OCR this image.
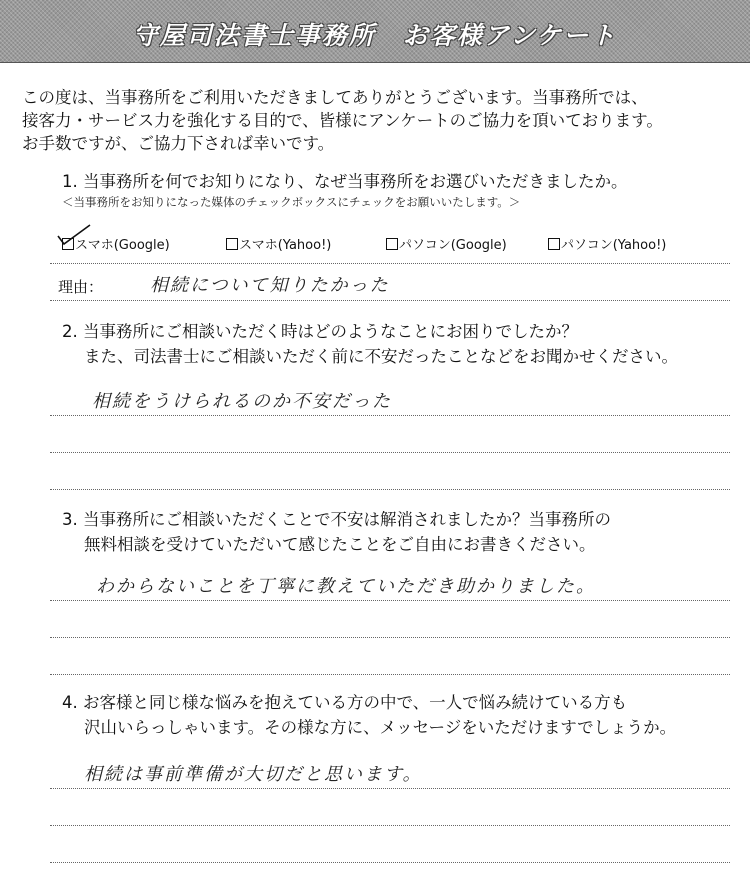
守屋司法書士事務所　お客様アンケート
この度は、当事務所をご利用いただきましてありがとうございます。当事務所では、
接客力・サービス力を強化する目的で、皆様にアンケートのご協力を頂いております。
お手数ですが、ご協力下されば幸いです。
1. 当事務所を何でお知りになり、なぜ当事務所をお選びいただきましたか。
＜当事務所をお知りになった媒体のチェックボックスにチェックをお願いいたします。＞
スマホ(Google)	スマホ(Yahoo!)	パソコン(Google)	パソコン(Yahoo!)
理由：	相続について知りたかった
2. 当事務所にご相談いただく時はどのようなことにお困りでしたか？
また、司法書士にご相談いただく前に不安だったことなどをお聞かせください。
相続をうけられるのか不安だった
3. 当事務所にご相談いただくことで不安は解消されましたか？当事務所の
無料相談を受けていただいて感じたことをご自由にお書きください。
わからないことを丁寧に教えていただき助かりました。
4. お客様と同じ様な悩みを抱えている方の中で、一人で悩み続けている方も
沢山いらっしゃいます。その様な方に、メッセージをいただけますでしょうか。
相続は事前準備が大切だと思います。
